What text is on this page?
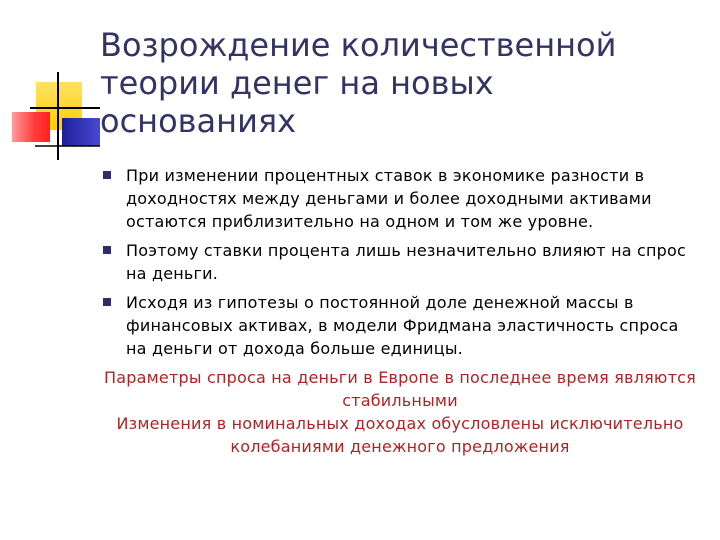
Возрождение количественной
теории денег на новых
основаниях
При изменении процентных ставок в экономике разности в доходностях между деньгами и более доходными активами остаются приблизительно на одном и том же уровне.
Поэтому ставки процента лишь незначительно влияют на спрос на деньги.
Исходя из гипотезы о постоянной доле денежной массы в финансовых активах, в модели Фридмана эластичность спроса на деньги от дохода больше единицы.

Параметры спроса на деньги в Европе в последнее время являются стабильными

Изменения в номинальных доходах обусловлены исключительно колебаниями денежного предложения
